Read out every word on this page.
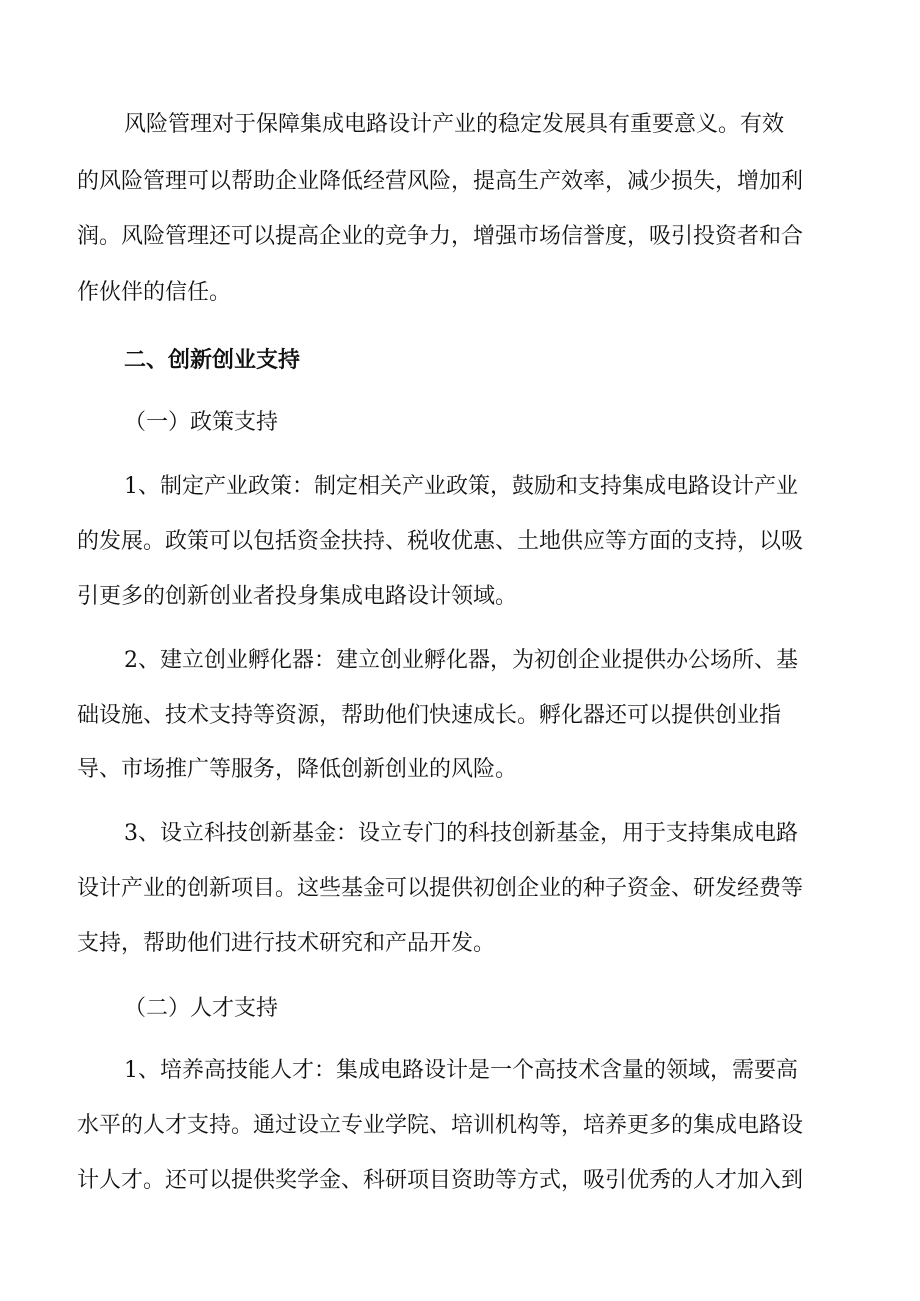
风险管理对于保障集成电路设计产业的稳定发展具有重要意义。有效

的风险管理可以帮助企业降低经营风险，提高生产效率，减少损失，增加利

润。风险管理还可以提高企业的竞争力，增强市场信誉度，吸引投资者和合

作伙伴的信任。

二、创新创业支持

（一）政策支持

1、制定产业政策：制定相关产业政策，鼓励和支持集成电路设计产业

的发展。政策可以包括资金扶持、税收优惠、土地供应等方面的支持，以吸

引更多的创新创业者投身集成电路设计领域。

2、建立创业孵化器：建立创业孵化器，为初创企业提供办公场所、基

础设施、技术支持等资源，帮助他们快速成长。孵化器还可以提供创业指

导、市场推广等服务，降低创新创业的风险。

3、设立科技创新基金：设立专门的科技创新基金，用于支持集成电路

设计产业的创新项目。这些基金可以提供初创企业的种子资金、研发经费等

支持，帮助他们进行技术研究和产品开发。

（二）人才支持

1、培养高技能人才：集成电路设计是一个高技术含量的领域，需要高

水平的人才支持。通过设立专业学院、培训机构等，培养更多的集成电路设

计人才。还可以提供奖学金、科研项目资助等方式，吸引优秀的人才加入到
